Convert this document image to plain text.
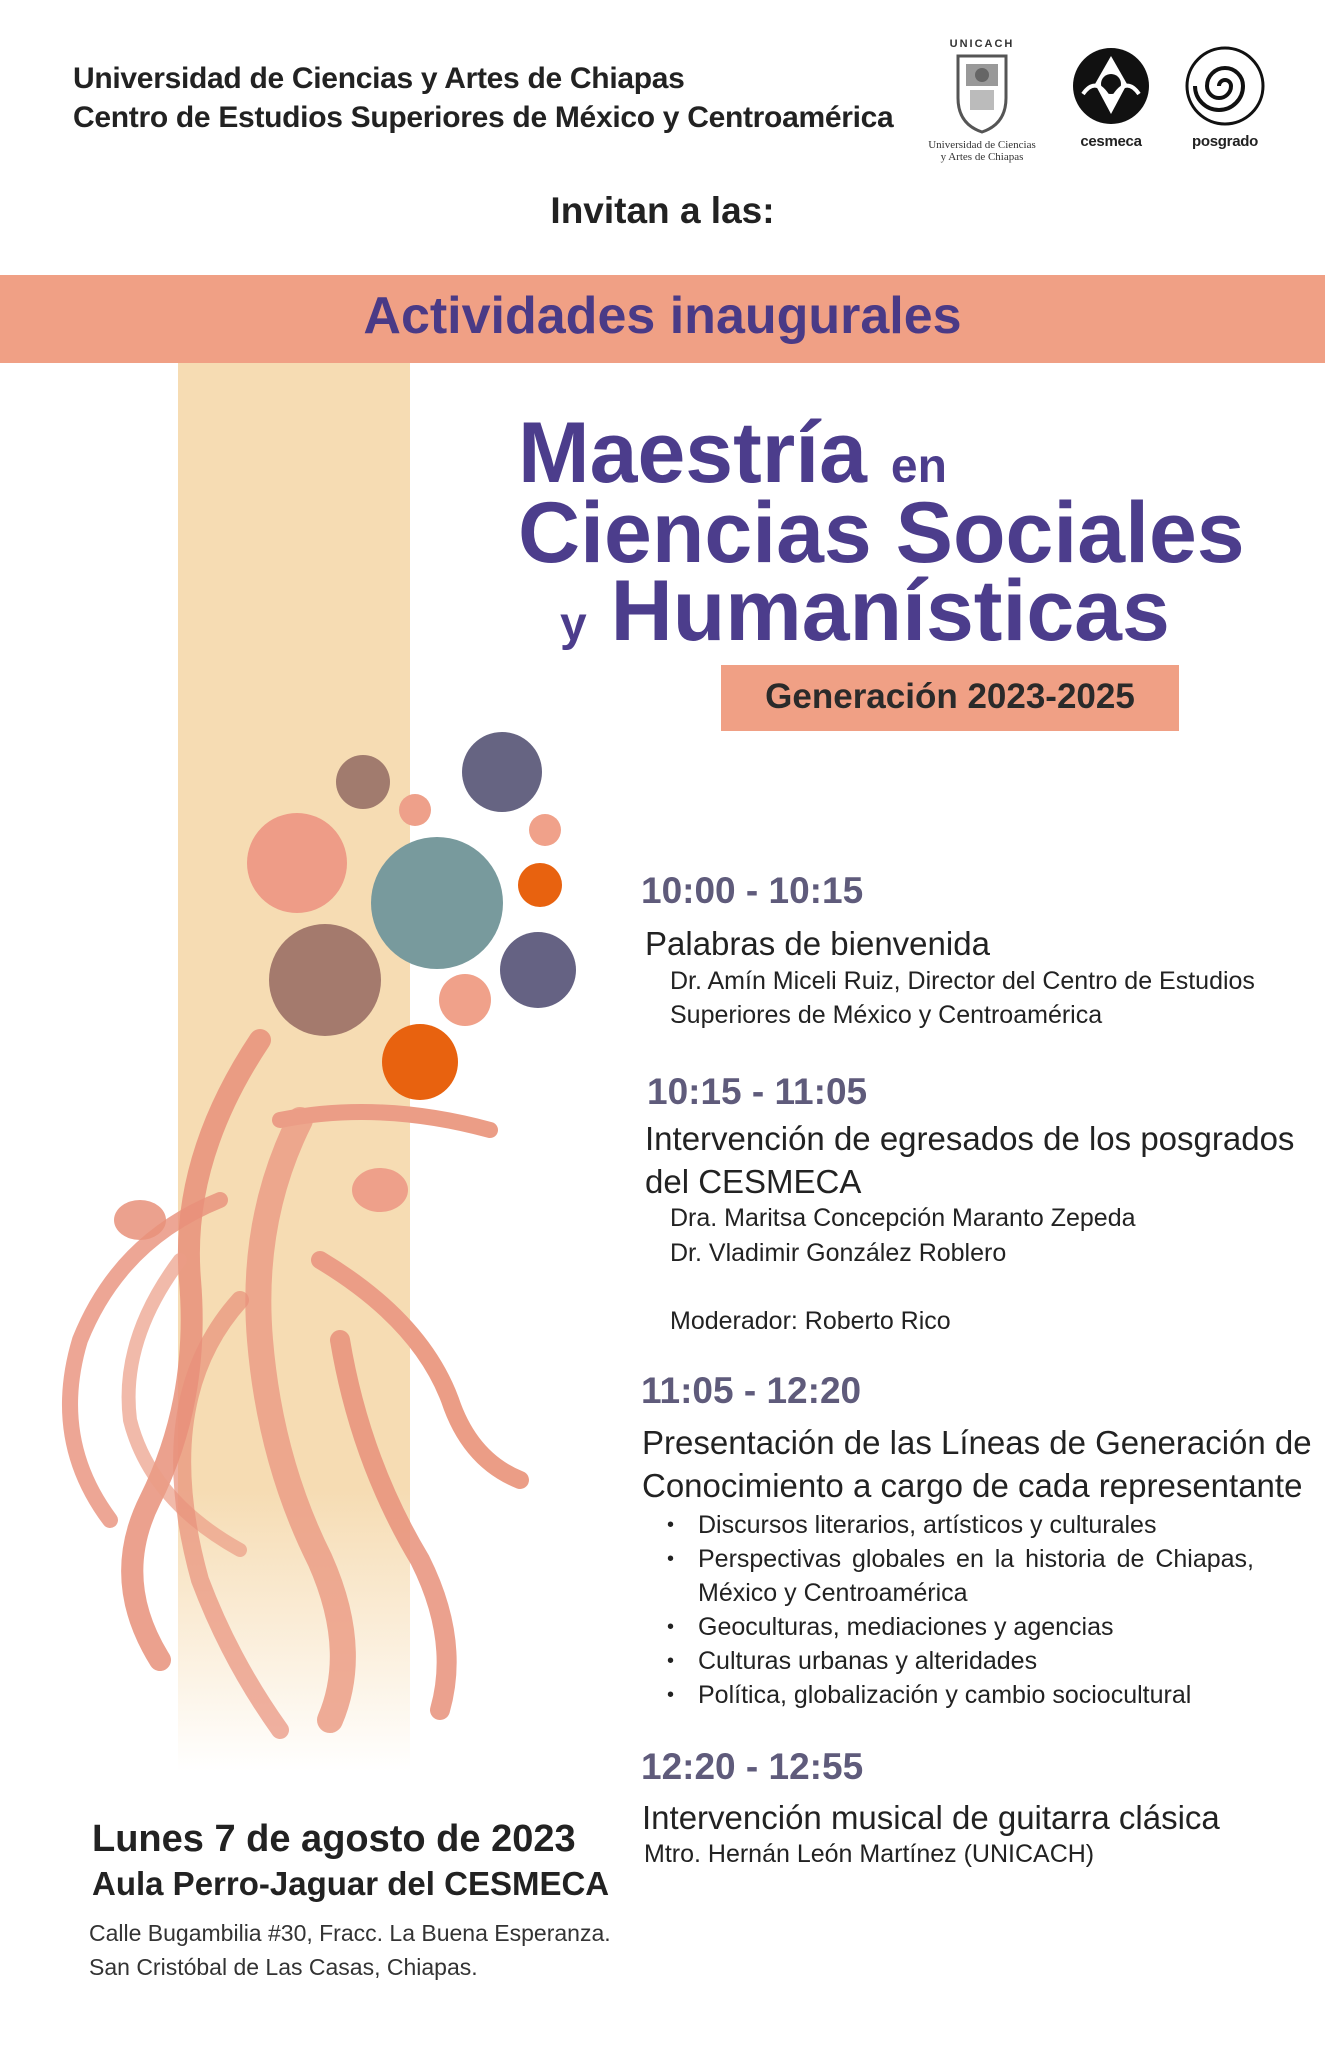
Universidad de Ciencias y Artes de Chiapas
Centro de Estudios Superiores de México y Centroamérica
UNICACH
Universidad de Ciencias
y Artes de Chiapas
cesmeca	posgrado
Invitan a las:
Actividades inaugurales
Maestría en
Ciencias Sociales
y Humanísticas
Generación 2023-2025
10:00 - 10:15
Palabras de bienvenida
Dr. Amín Miceli Ruiz, Director del Centro de Estudios
Superiores de México y Centroamérica
10:15 - 11:05
Intervención de egresados de los posgrados
del CESMECA
Dra. Maritsa Concepción Maranto Zepeda
Dr. Vladimir González Roblero
Moderador: Roberto Rico
11:05 - 12:20
Presentación de las Líneas de Generación de
Conocimiento a cargo de cada representante
• Discursos literarios, artísticos y culturales
• Perspectivas globales en la historia de Chiapas, México y Centroamérica
• Geoculturas, mediaciones y agencias
• Culturas urbanas y alteridades
• Política, globalización y cambio sociocultural
12:20 - 12:55
Intervención musical de guitarra clásica
Mtro. Hernán León Martínez (UNICACH)
Lunes 7 de agosto de 2023
Aula Perro-Jaguar del CESMECA
Calle Bugambilia #30, Fracc. La Buena Esperanza.
San Cristóbal de Las Casas, Chiapas.
